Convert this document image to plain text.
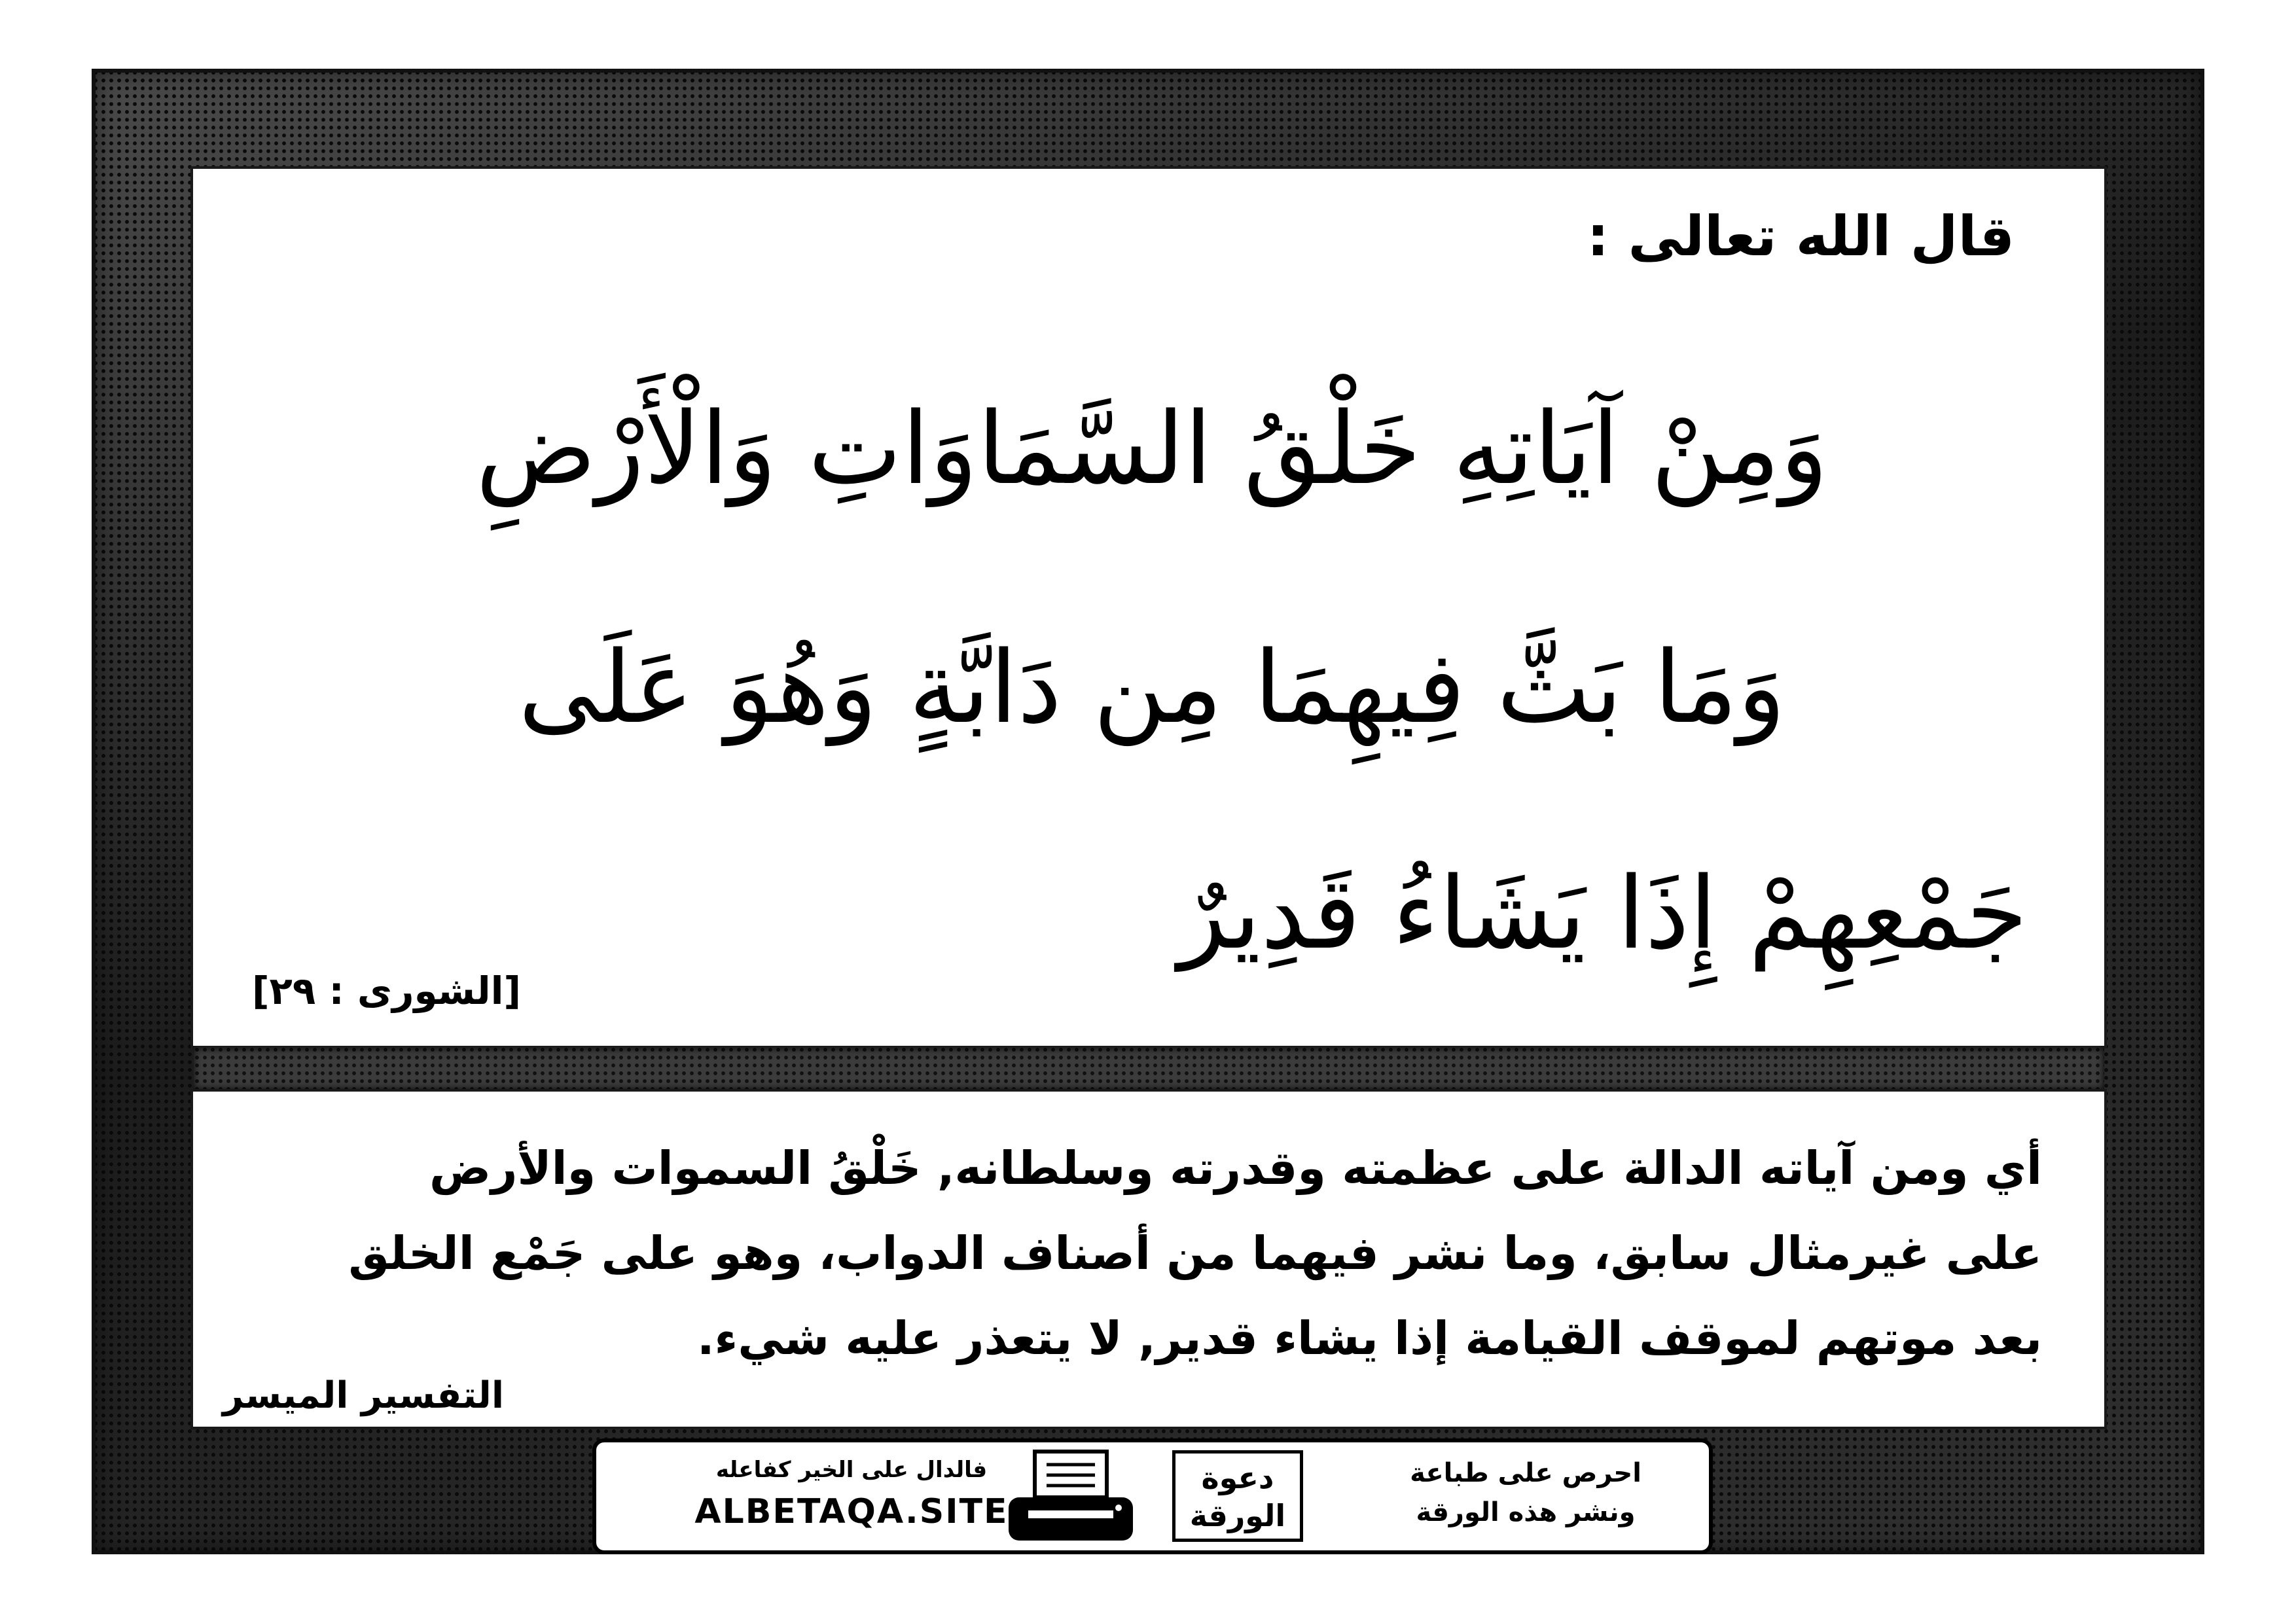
قال الله تعالى :
وَمِنْ آيَاتِهِ خَلْقُ السَّمَاوَاتِ وَالْأَرْضِ
وَمَا بَثَّ فِيهِمَا مِن دَابَّةٍ وَهُوَ عَلَى
جَمْعِهِمْ إِذَا يَشَاءُ قَدِيرٌ
[الشورى : ٢٩]
أي ومن آياته الدالة على عظمته وقدرته وسلطانه, خَلْقُ السموات والأرض
على غيرمثال سابق، وما نشر فيهما من أصناف الدواب، وهو على جَمْع الخلق
بعد موتهم لموقف القيامة إذا يشاء قدير, لا يتعذر عليه شيء.
التفسير الميسر
فالدال على الخير كفاعله
ALBETAQA.SITE
دعوة
الورقة
احرص على طباعة
ونشر هذه الورقة
